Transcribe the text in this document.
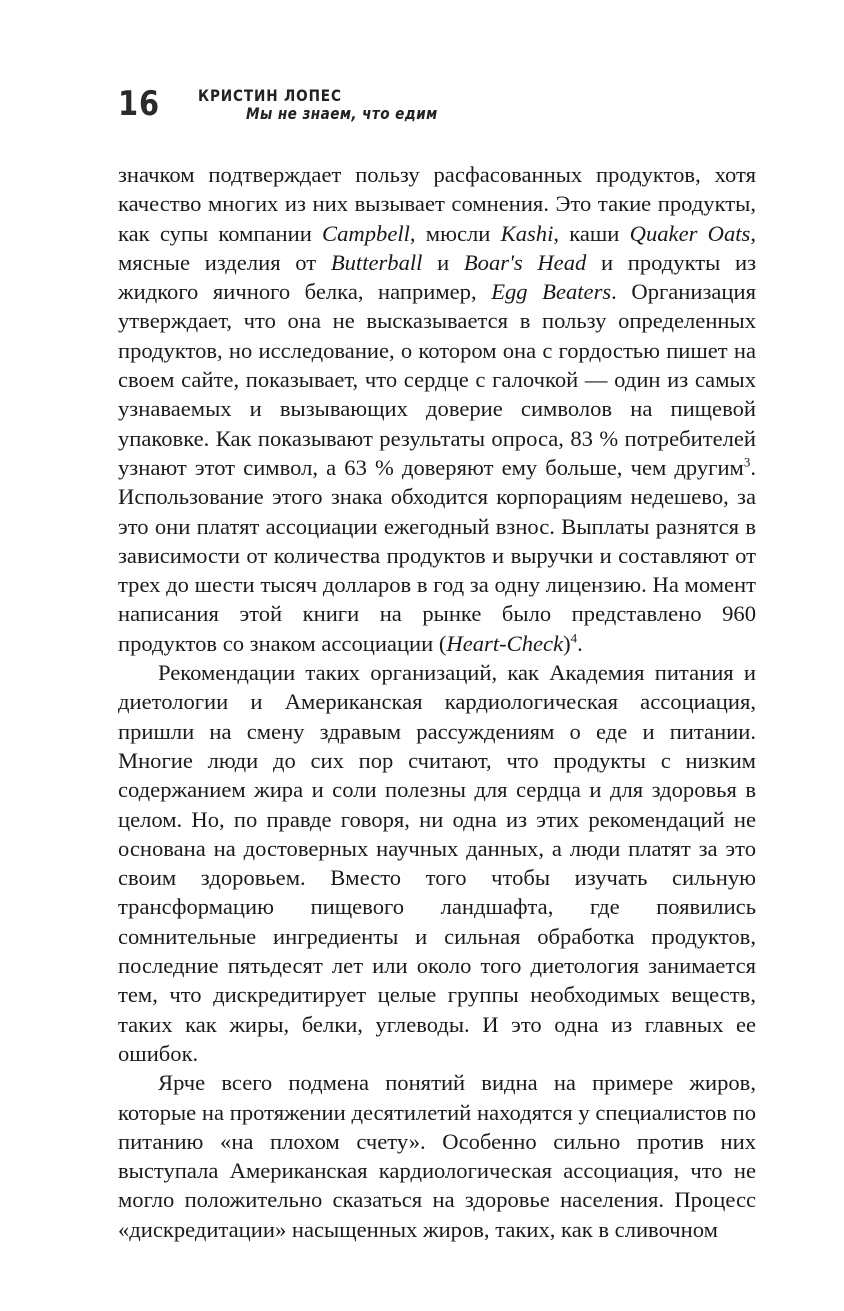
16 КРИСТИН ЛОПЕС
Мы не знаем, что едим

значком подтверждает пользу расфасованных продуктов, хотя качество многих из них вызывает сомнения. Это такие продукты, как супы компании Campbell, мюсли Kashi, каши Quaker Oats, мясные изделия от Butterball и Boar's Head и продукты из жидкого яичного белка, например, Egg Beaters. Организация утверждает, что она не высказывается в пользу определенных продуктов, но исследование, о котором она с гордостью пишет на своем сайте, показывает, что сердце с галочкой — один из самых узнаваемых и вызывающих доверие символов на пищевой упаковке. Как показывают результаты опроса, 83 % потребителей узнают этот символ, а 63 % доверяют ему больше, чем другим$^3$. Использование этого знака обходится корпорациям недешево, за это они платят ассоциации ежегодный взнос. Выплаты разнятся в зависимости от количества продуктов и выручки и составляют от трех до шести тысяч долларов в год за одну лицензию. На момент написания этой книги на рынке было представлено 960 продуктов со знаком ассоциации (Heart-Check)$^4$.

Рекомендации таких организаций, как Академия питания и диетологии и Американская кардиологическая ассоциация, пришли на смену здравым рассуждениям о еде и питании. Многие люди до сих пор считают, что продукты с низким содержанием жира и соли полезны для сердца и для здоровья в целом. Но, по правде говоря, ни одна из этих рекомендаций не основана на достоверных научных данных, а люди платят за это своим здоровьем. Вместо того чтобы изучать сильную трансформацию пищевого ландшафта, где появились сомнительные ингредиенты и сильная обработка продуктов, последние пятьдесят лет или около того диетология занимается тем, что дискредитирует целые группы необходимых веществ, таких как жиры, белки, углеводы. И это одна из главных ее ошибок.

Ярче всего подмена понятий видна на примере жиров, которые на протяжении десятилетий находятся у специалистов по питанию «на плохом счету». Особенно сильно против них выступала Американская кардиологическая ассоциация, что не могло положительно сказаться на здоровье населения. Процесс «дискредитации» насыщенных жиров, таких, как в сливочном
